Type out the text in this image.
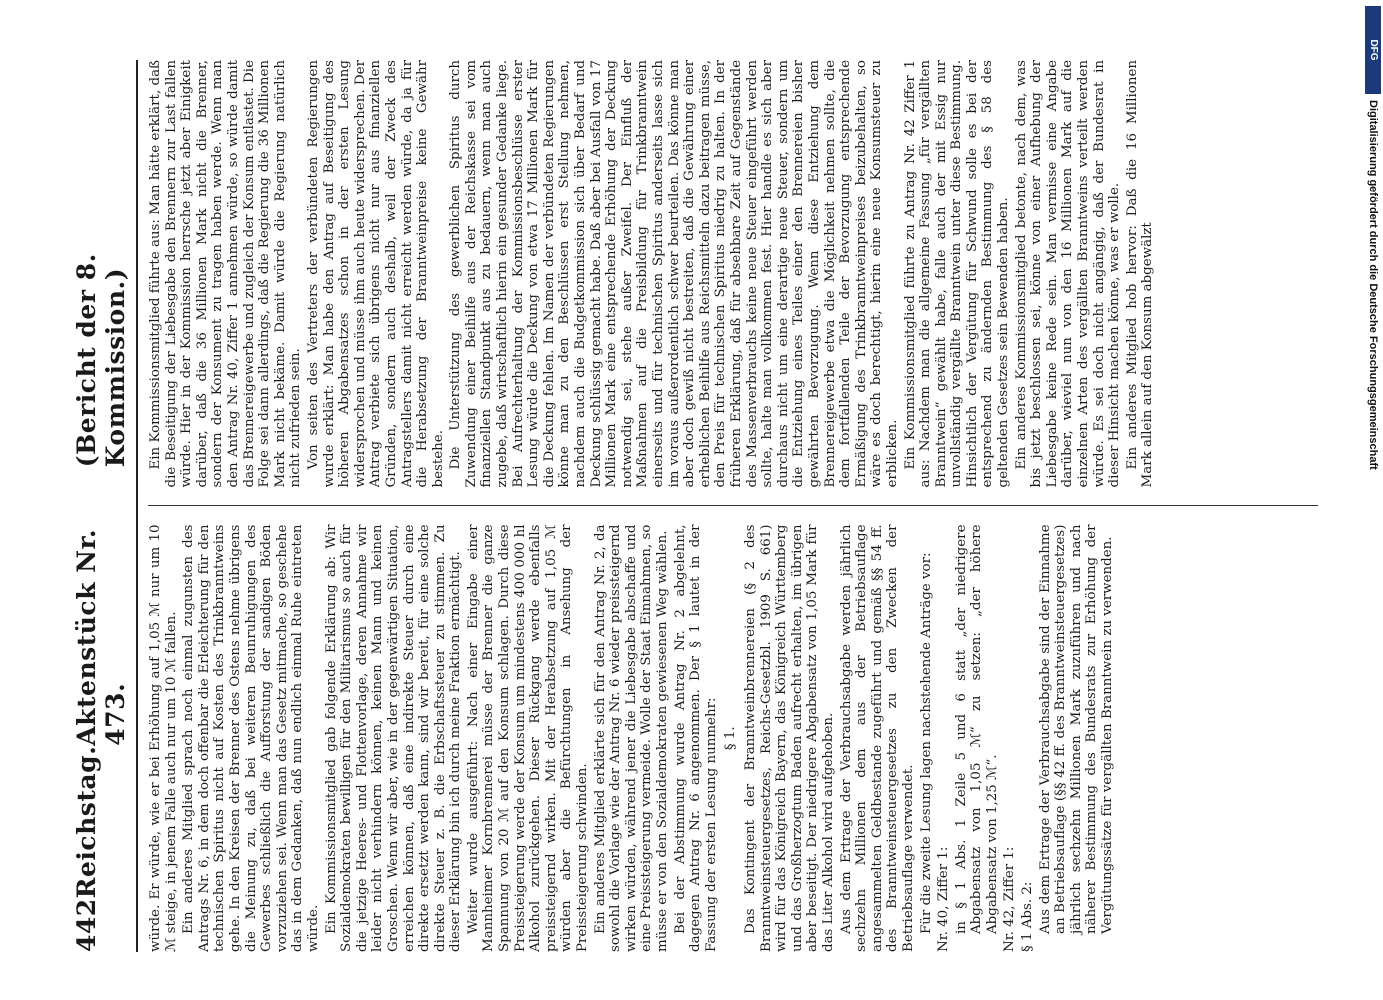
442
Reichstag.
Aktenstück Nr. 473.
(Bericht der 8. Kommission.)

würde. Er würde, wie er bei Erhöhung auf 1,05 ℳ nur um 10 ℳ steige, in jenem Falle auch nur um 10 ℳ fallen. Ein anderes Mitglied sprach noch einmal zugunsten des Antrags Nr. 6, in dem doch offenbar die Erleichterung für den technischen Spiritus nicht auf Kosten des Trinkbranntweins gehe. In den Kreisen der Brenner des Ostens nehme übrigens die Meinung zu, daß bei weiteren Beunruhigungen des Gewerbes schließlich die Aufforstung der sandigen Böden vorzuziehen sei. Wenn man das Gesetz mitmache, so geschehe das in dem Gedanken, daß nun endlich einmal Ruhe eintreten würde. Ein Kommissionsmitglied gab folgende Erklärung ab: Wir Sozialdemokraten bewilligen für den Militarismus so auch für die jetzige Heeres- und Flottenvorlage, deren Annahme wir leider nicht verhindern können, keinen Mann und keinen Groschen. Wenn wir aber, wie in der gegenwärtigen Situation, erreichen können, daß eine indirekte Steuer durch eine direkte ersetzt werden kann, sind wir bereit, für eine solche direkte Steuer z. B. die Erbschaftssteuer zu stimmen. Zu dieser Erklärung bin ich durch meine Fraktion ermächtigt. Weiter wurde ausgeführt: Nach einer Eingabe einer Mannheimer Kornbrennerei müsse der Brenner die ganze Spannung von 20 ℳ auf den Konsum schlagen. Durch diese Preissteigerung werde der Konsum um mindestens 400 000 hl Alkohol zurückgehen. Dieser Rückgang werde ebenfalls preissteigernd wirken. Mit der Herabsetzung auf 1,05 ℳ würden aber die Befürchtungen in Ansehung der Preissteigerung schwinden. Ein anderes Mitglied erklärte sich für den Antrag Nr. 2, da sowohl die Vorlage wie der Antrag Nr. 6 wieder preissteigernd wirken würden, während jener die Liebesgabe abschaffe und eine Preissteigerung vermeide. Wolle der Staat Einnahmen, so müsse er von den Sozialdemokraten gewiesenen Weg wählen. Bei der Abstimmung wurde Antrag Nr. 2 abgelehnt, dagegen Antrag Nr. 6 angenommen. Der § 1 lautet in der Fassung der ersten Lesung nunmehr: § 1. Das Kontingent der Branntweinbrennereien (§ 2 des Branntweinsteuergesetzes, Reichs-Gesetzbl. 1909 S. 661) wird für das Königreich Bayern, das Königreich Württemberg und das Großherzogtum Baden aufrecht erhalten, im übrigen aber beseitigt. Der niedrigere Abgabensatz von 1,05 Mark für das Liter Alkohol wird aufgehoben. Aus dem Ertrage der Verbrauchsabgabe werden jährlich sechzehn Millionen dem aus der Betriebsauflage angesammelten Geldbestande zugeführt und gemäß §§ 54 ff. des Branntweinsteuergesetzes zu den Zwecken der Betriebsauflage verwendet. Für die zweite Lesung lagen nachstehende Anträge vor: Nr. 40, Ziffer 1: in § 1 Abs. 1 Zeile 5 und 6 statt „der niedrigere Abgabensatz von 1,05 ℳ“ zu setzen: „der höhere Abgabensatz von 1,25 ℳ“. Nr. 42, Ziffer 1: § 1 Abs. 2: Aus dem Ertrage der Verbrauchsabgabe sind der Einnahme an Betriebsauflage (§§ 42 ff. des Branntweinsteuergesetzes) jährlich sechzehn Millionen Mark zuzuführen und nach näherer Bestimmung des Bundesrats zur Erhöhung der Vergütungssätze für vergällten Branntwein zu verwenden.

Ein Kommissionsmitglied führte aus: Man hätte erklärt, daß die Beseitigung der Liebesgabe den Brennern zur Last fallen würde. Hier in der Kommission herrsche jetzt aber Einigkeit darüber, daß die 36 Millionen Mark nicht die Brenner, sondern der Konsument zu tragen haben werde. Wenn man den Antrag Nr. 40, Ziffer 1 annehmen würde, so würde damit das Brennereigewerbe und zugleich der Konsum entlastet. Die Folge sei dann allerdings, daß die Regierung die 36 Millionen Mark nicht bekäme. Damit würde die Regierung natürlich nicht zufrieden sein. Von seiten des Vertreters der verbündeten Regierungen wurde erklärt: Man habe den Antrag auf Beseitigung des höheren Abgabensatzes schon in der ersten Lesung widersprochen und müsse ihm auch heute widersprechen. Der Antrag verbiete sich übrigens nicht nur aus finanziellen Gründen, sondern auch deshalb, weil der Zweck des Antragstellers damit nicht erreicht werden würde, da ja für die Herabsetzung der Branntweinpreise keine Gewähr bestehe. Die Unterstützung des gewerblichen Spiritus durch Zuwendung einer Beihilfe aus der Reichskasse sei vom finanziellen Standpunkt aus zu bedauern, wenn man auch zugebe, daß wirtschaftlich hierin ein gesunder Gedanke liege. Bei Aufrechterhaltung der Kommissionsbeschlüsse erster Lesung würde die Deckung von etwa 17 Millionen Mark für die Deckung fehlen. Im Namen der verbündeten Regierungen könne man zu den Beschlüssen erst Stellung nehmen, nachdem auch die Budgetkommission sich über Bedarf und Deckung schlüssig gemacht habe. Daß aber bei Ausfall von 17 Millionen Mark eine entsprechende Erhöhung der Deckung notwendig sei, stehe außer Zweifel. Der Einfluß der Maßnahmen auf die Preisbildung für Trinkbranntwein einerseits und für technischen Spiritus anderseits lasse sich im voraus außerordentlich schwer beurteilen. Das könne man aber doch gewiß nicht bestreiten, daß die Gewährung einer erheblichen Beihilfe aus Reichsmitteln dazu beitragen müsse, den Preis für technischen Spiritus niedrig zu halten. In der früheren Erklärung, daß für absehbare Zeit auf Gegenstände des Massenverbrauchs keine neue Steuer eingeführt werden sollte, halte man vollkommen fest. Hier handle es sich aber durchaus nicht um eine derartige neue Steuer, sondern um die Entziehung eines Teiles einer den Brennereien bisher gewährten Bevorzugung. Wenn diese Entziehung dem Brennereigewerbe etwa die Möglichkeit nehmen sollte, die dem fortfallenden Teile der Bevorzugung entsprechende Ermäßigung des Trinkbranntweinpreises beizubehalten, so wäre es doch berechtigt, hierin eine neue Konsumsteuer zu erblicken. Ein Kommissionsmitglied führte zu Antrag Nr. 42 Ziffer 1 aus: Nachdem man die allgemeine Fassung „für vergällten Branntwein“ gewählt habe, falle auch der mit Essig nur unvollständig vergällte Branntwein unter diese Bestimmung. Hinsichtlich der Vergütung für Schwund solle es bei der entsprechend zu ändernden Bestimmung des § 58 des geltenden Gesetzes sein Bewenden haben. Ein anderes Kommissionsmitglied betonte, nach dem, was bis jetzt beschlossen sei, könne von einer Aufhebung der Liebesgabe keine Rede sein. Man vermisse eine Angabe darüber, wieviel nun von den 16 Millionen Mark auf die einzelnen Arten des vergällten Branntweins verteilt werden würde. Es sei doch nicht angängig, daß der Bundesrat in dieser Hinsicht machen könne, was er wolle. Ein anderes Mitglied hob hervor: Daß die 16 Millionen Mark allein auf den Konsum abgewälzt

DFG
Digitalisierung gefördert durch die Deutsche Forschungsgemeinschaft
